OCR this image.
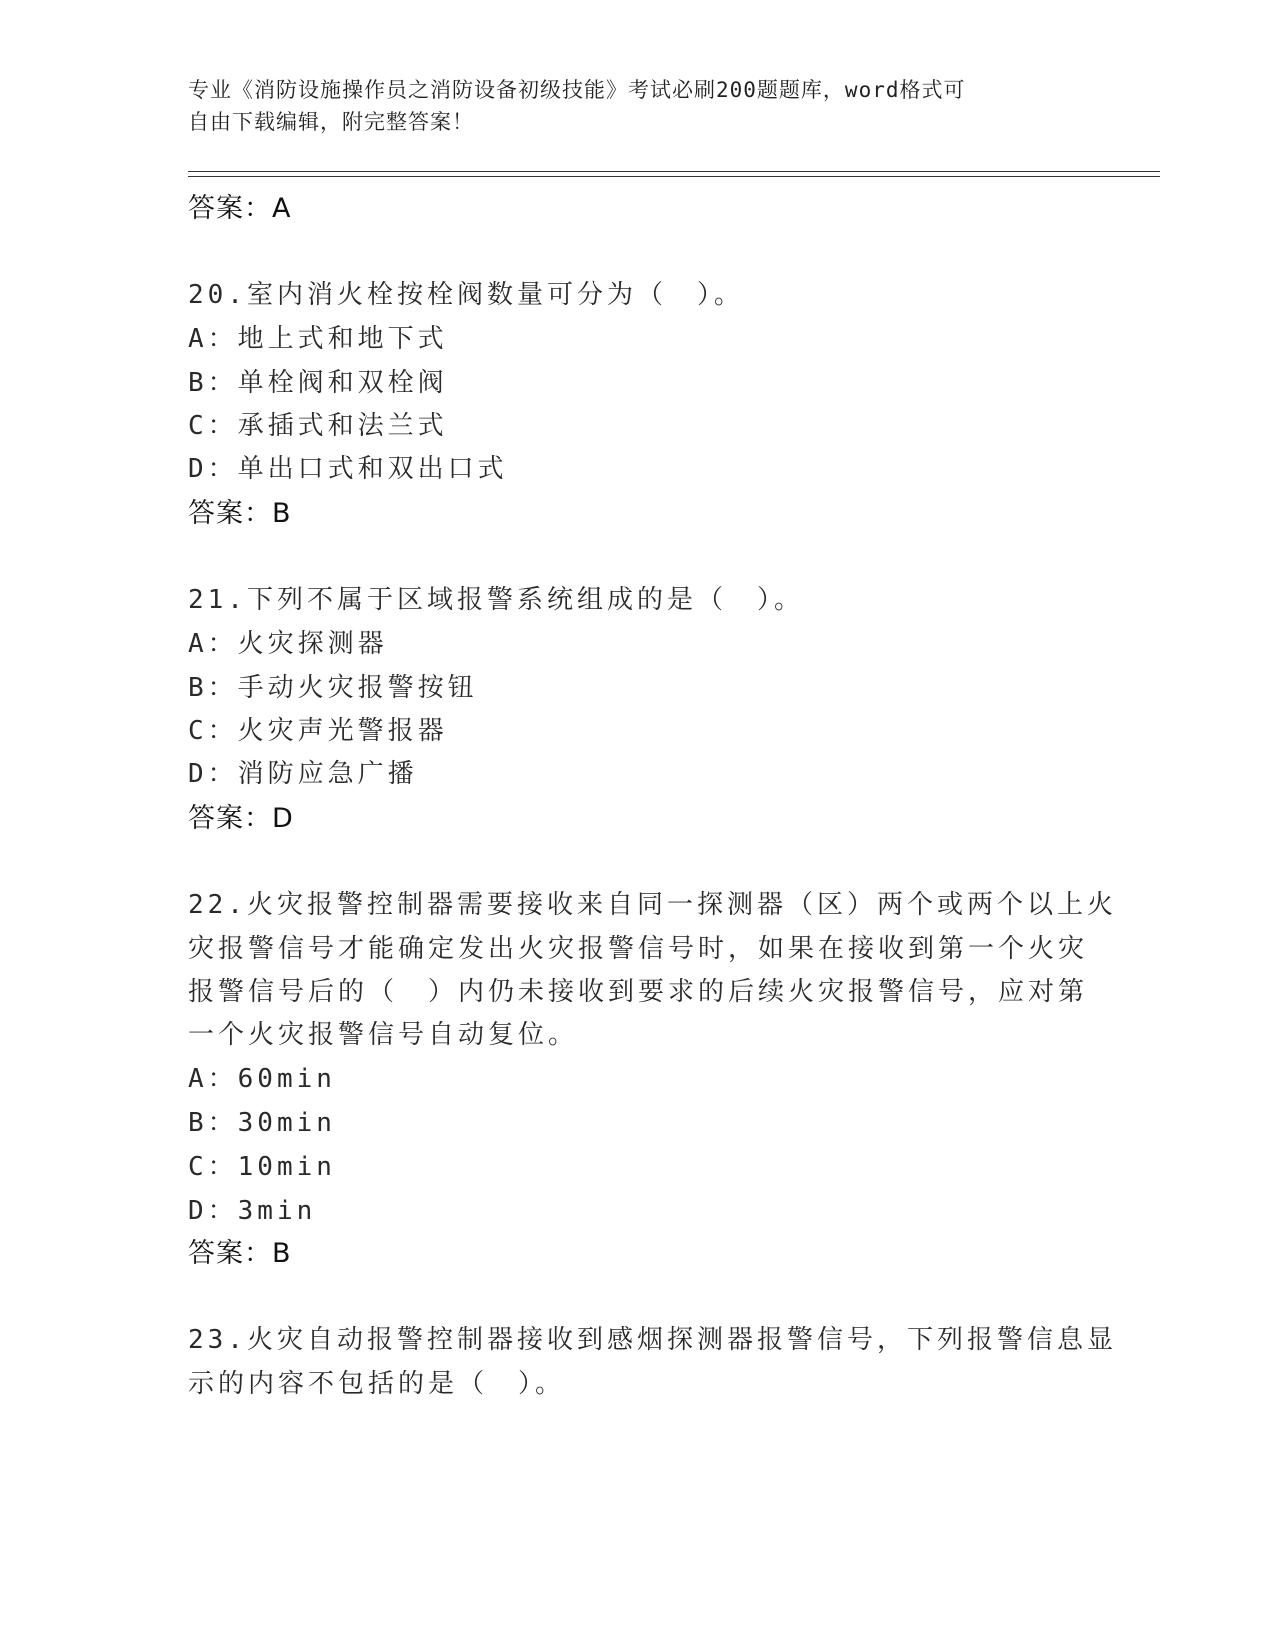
专业《消防设施操作员之消防设备初级技能》考试必刷200题题库，word格式可
自由下载编辑，附完整答案！
答案：A
20.室内消火栓按栓阀数量可分为（　）。
A：地上式和地下式
B：单栓阀和双栓阀
C：承插式和法兰式
D：单出口式和双出口式
答案：B
21.下列不属于区域报警系统组成的是（　）。
A：火灾探测器
B：手动火灾报警按钮
C：火灾声光警报器
D：消防应急广播
答案：D
22.火灾报警控制器需要接收来自同一探测器（区）两个或两个以上火
灾报警信号才能确定发出火灾报警信号时，如果在接收到第一个火灾
报警信号后的（　）内仍未接收到要求的后续火灾报警信号，应对第
一个火灾报警信号自动复位。
A：60min
B：30min
C：10min
D：3min
答案：B
23.火灾自动报警控制器接收到感烟探测器报警信号，下列报警信息显
示的内容不包括的是（　）。
